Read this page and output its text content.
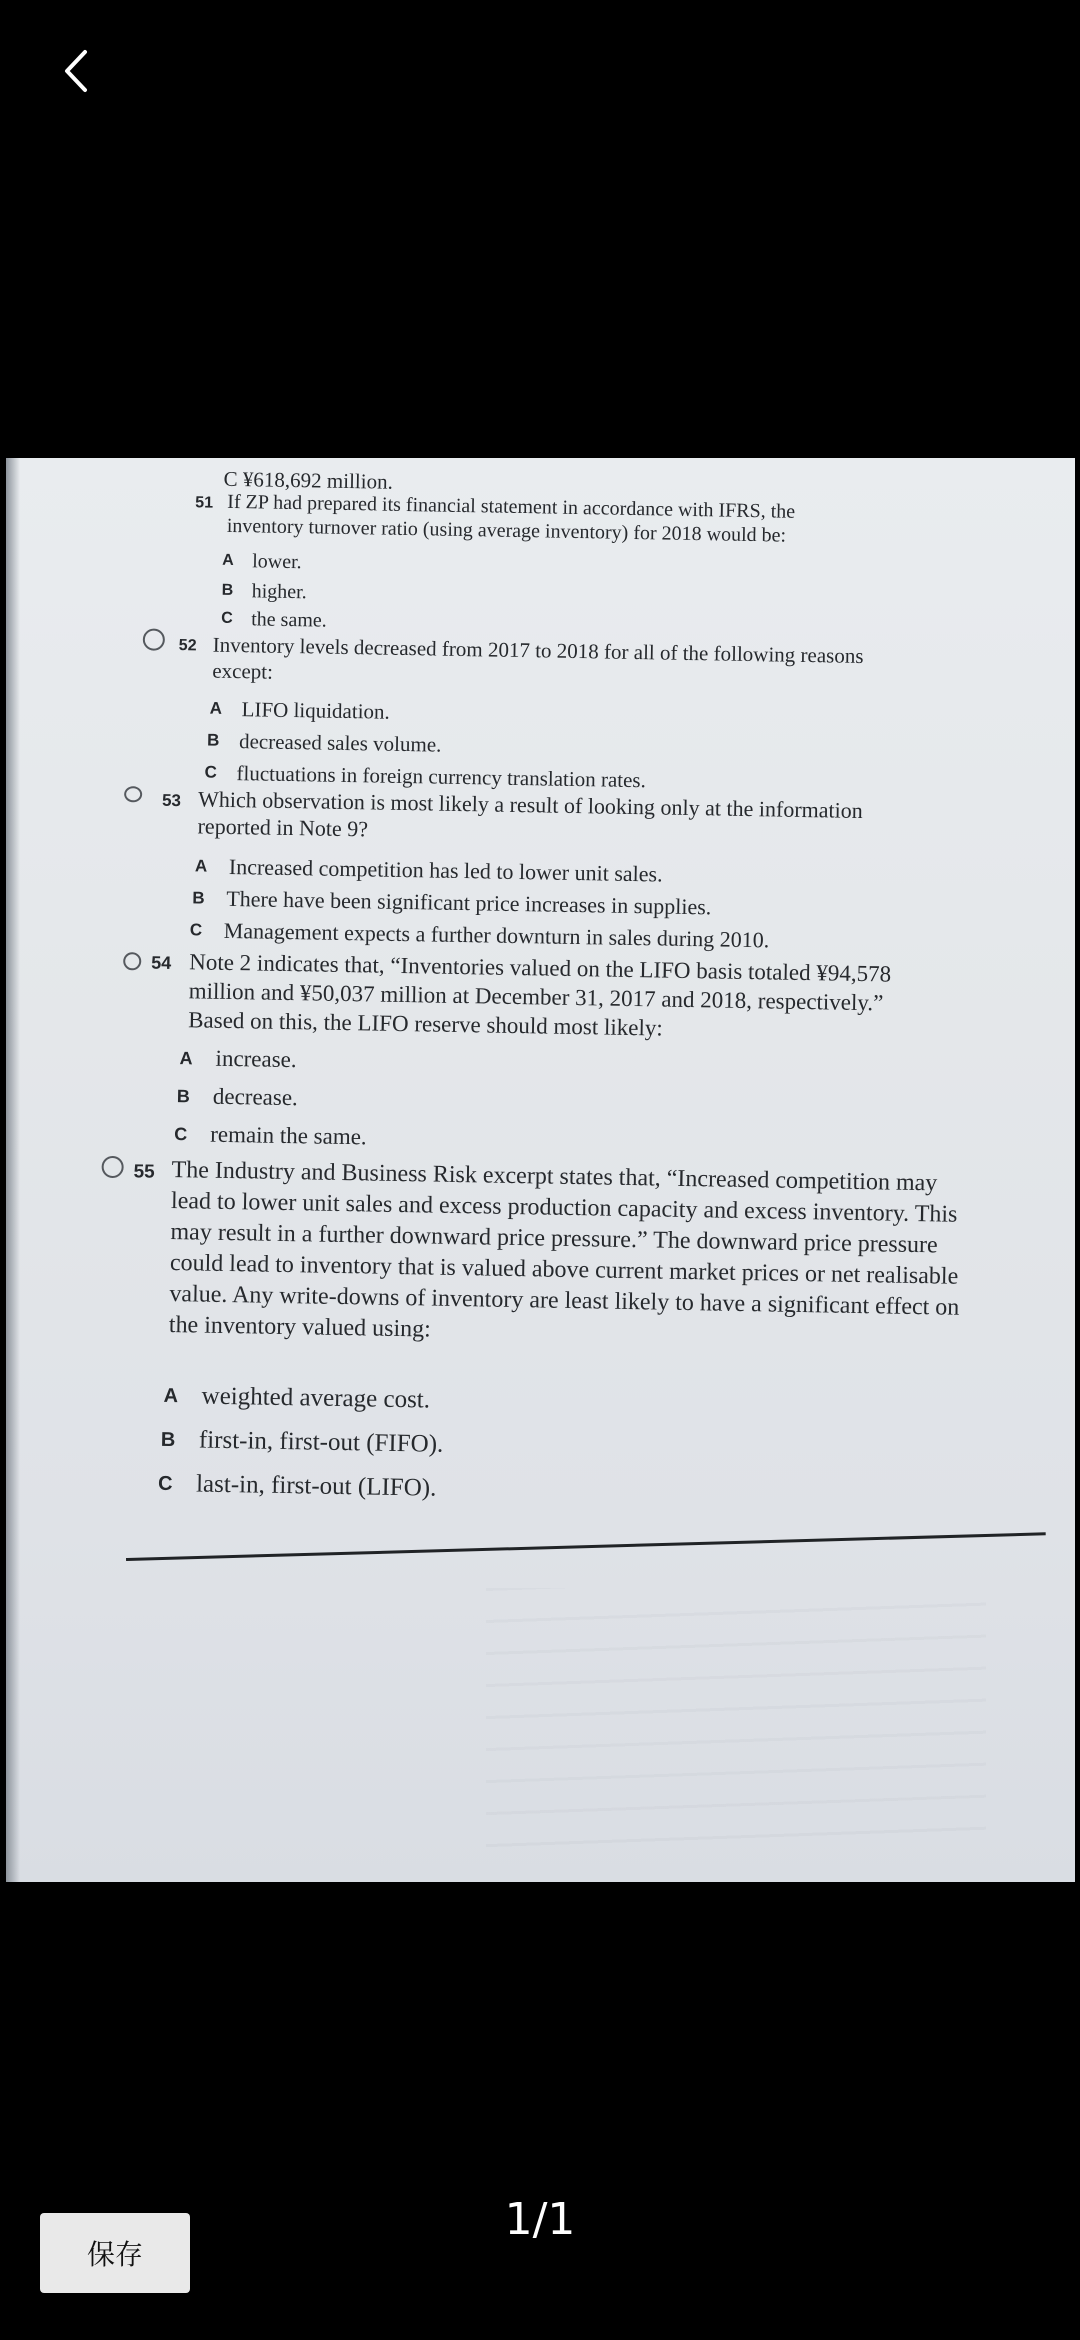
C ¥618,692 million.
51 If ZP had prepared its financial statement in accordance with IFRS, the inventory turnover ratio (using average inventory) for 2018 would be:
A lower.
B higher.
C the same.
52 Inventory levels decreased from 2017 to 2018 for all of the following reasons except:
A LIFO liquidation.
B decreased sales volume.
C fluctuations in foreign currency translation rates.
53 Which observation is most likely a result of looking only at the information reported in Note 9?
A Increased competition has led to lower unit sales.
B There have been significant price increases in supplies.
C Management expects a further downturn in sales during 2010.
54 Note 2 indicates that, “Inventories valued on the LIFO basis totaled ¥94,578 million and ¥50,037 million at December 31, 2017 and 2018, respectively.” Based on this, the LIFO reserve should most likely:
A increase.
B decrease.
C remain the same.
55 The Industry and Business Risk excerpt states that, “Increased competition may lead to lower unit sales and excess production capacity and excess inventory. This may result in a further downward price pressure.” The downward price pressure could lead to inventory that is valued above current market prices or net realisable value. Any write-downs of inventory are least likely to have a significant effect on the inventory valued using:
A weighted average cost.
B first-in, first-out (FIFO).
C last-in, first-out (LIFO).
保存
1/1
